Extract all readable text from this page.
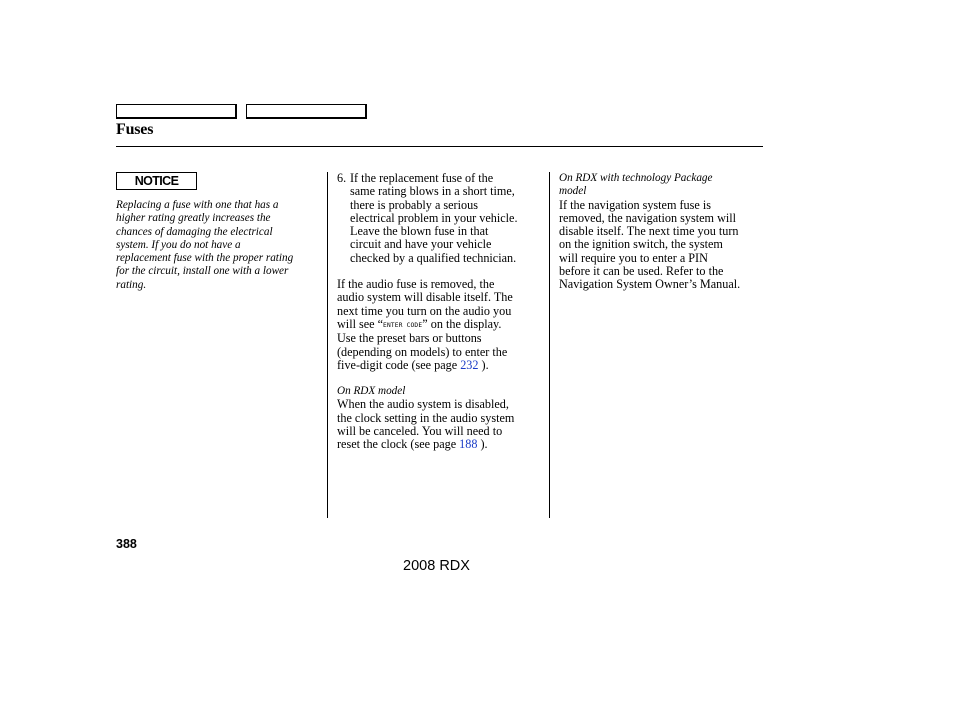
Fuses
NOTICE
Replacing a fuse with one that has a
higher rating greatly increases the
chances of damaging the electrical
system. If you do not have a
replacement fuse with the proper rating
for the circuit, install one with a lower
rating.
6. If the replacement fuse of the
same rating blows in a short time,
there is probably a serious
electrical problem in your vehicle.
Leave the blown fuse in that
circuit and have your vehicle
checked by a qualified technician.

If the audio fuse is removed, the
audio system will disable itself. The
next time you turn on the audio you
will see “ENTER CODE” on the display.
Use the preset bars or buttons
(depending on models) to enter the
five-digit code (see page 232 ).

On RDX model

When the audio system is disabled,
the clock setting in the audio system
will be canceled. You will need to
reset the clock (see page 188 ).

On RDX with technology Package
model

If the navigation system fuse is
removed, the navigation system will
disable itself. The next time you turn
on the ignition switch, the system
will require you to enter a PIN
before it can be used. Refer to the
Navigation System Owner’s Manual.

388
2008 RDX
